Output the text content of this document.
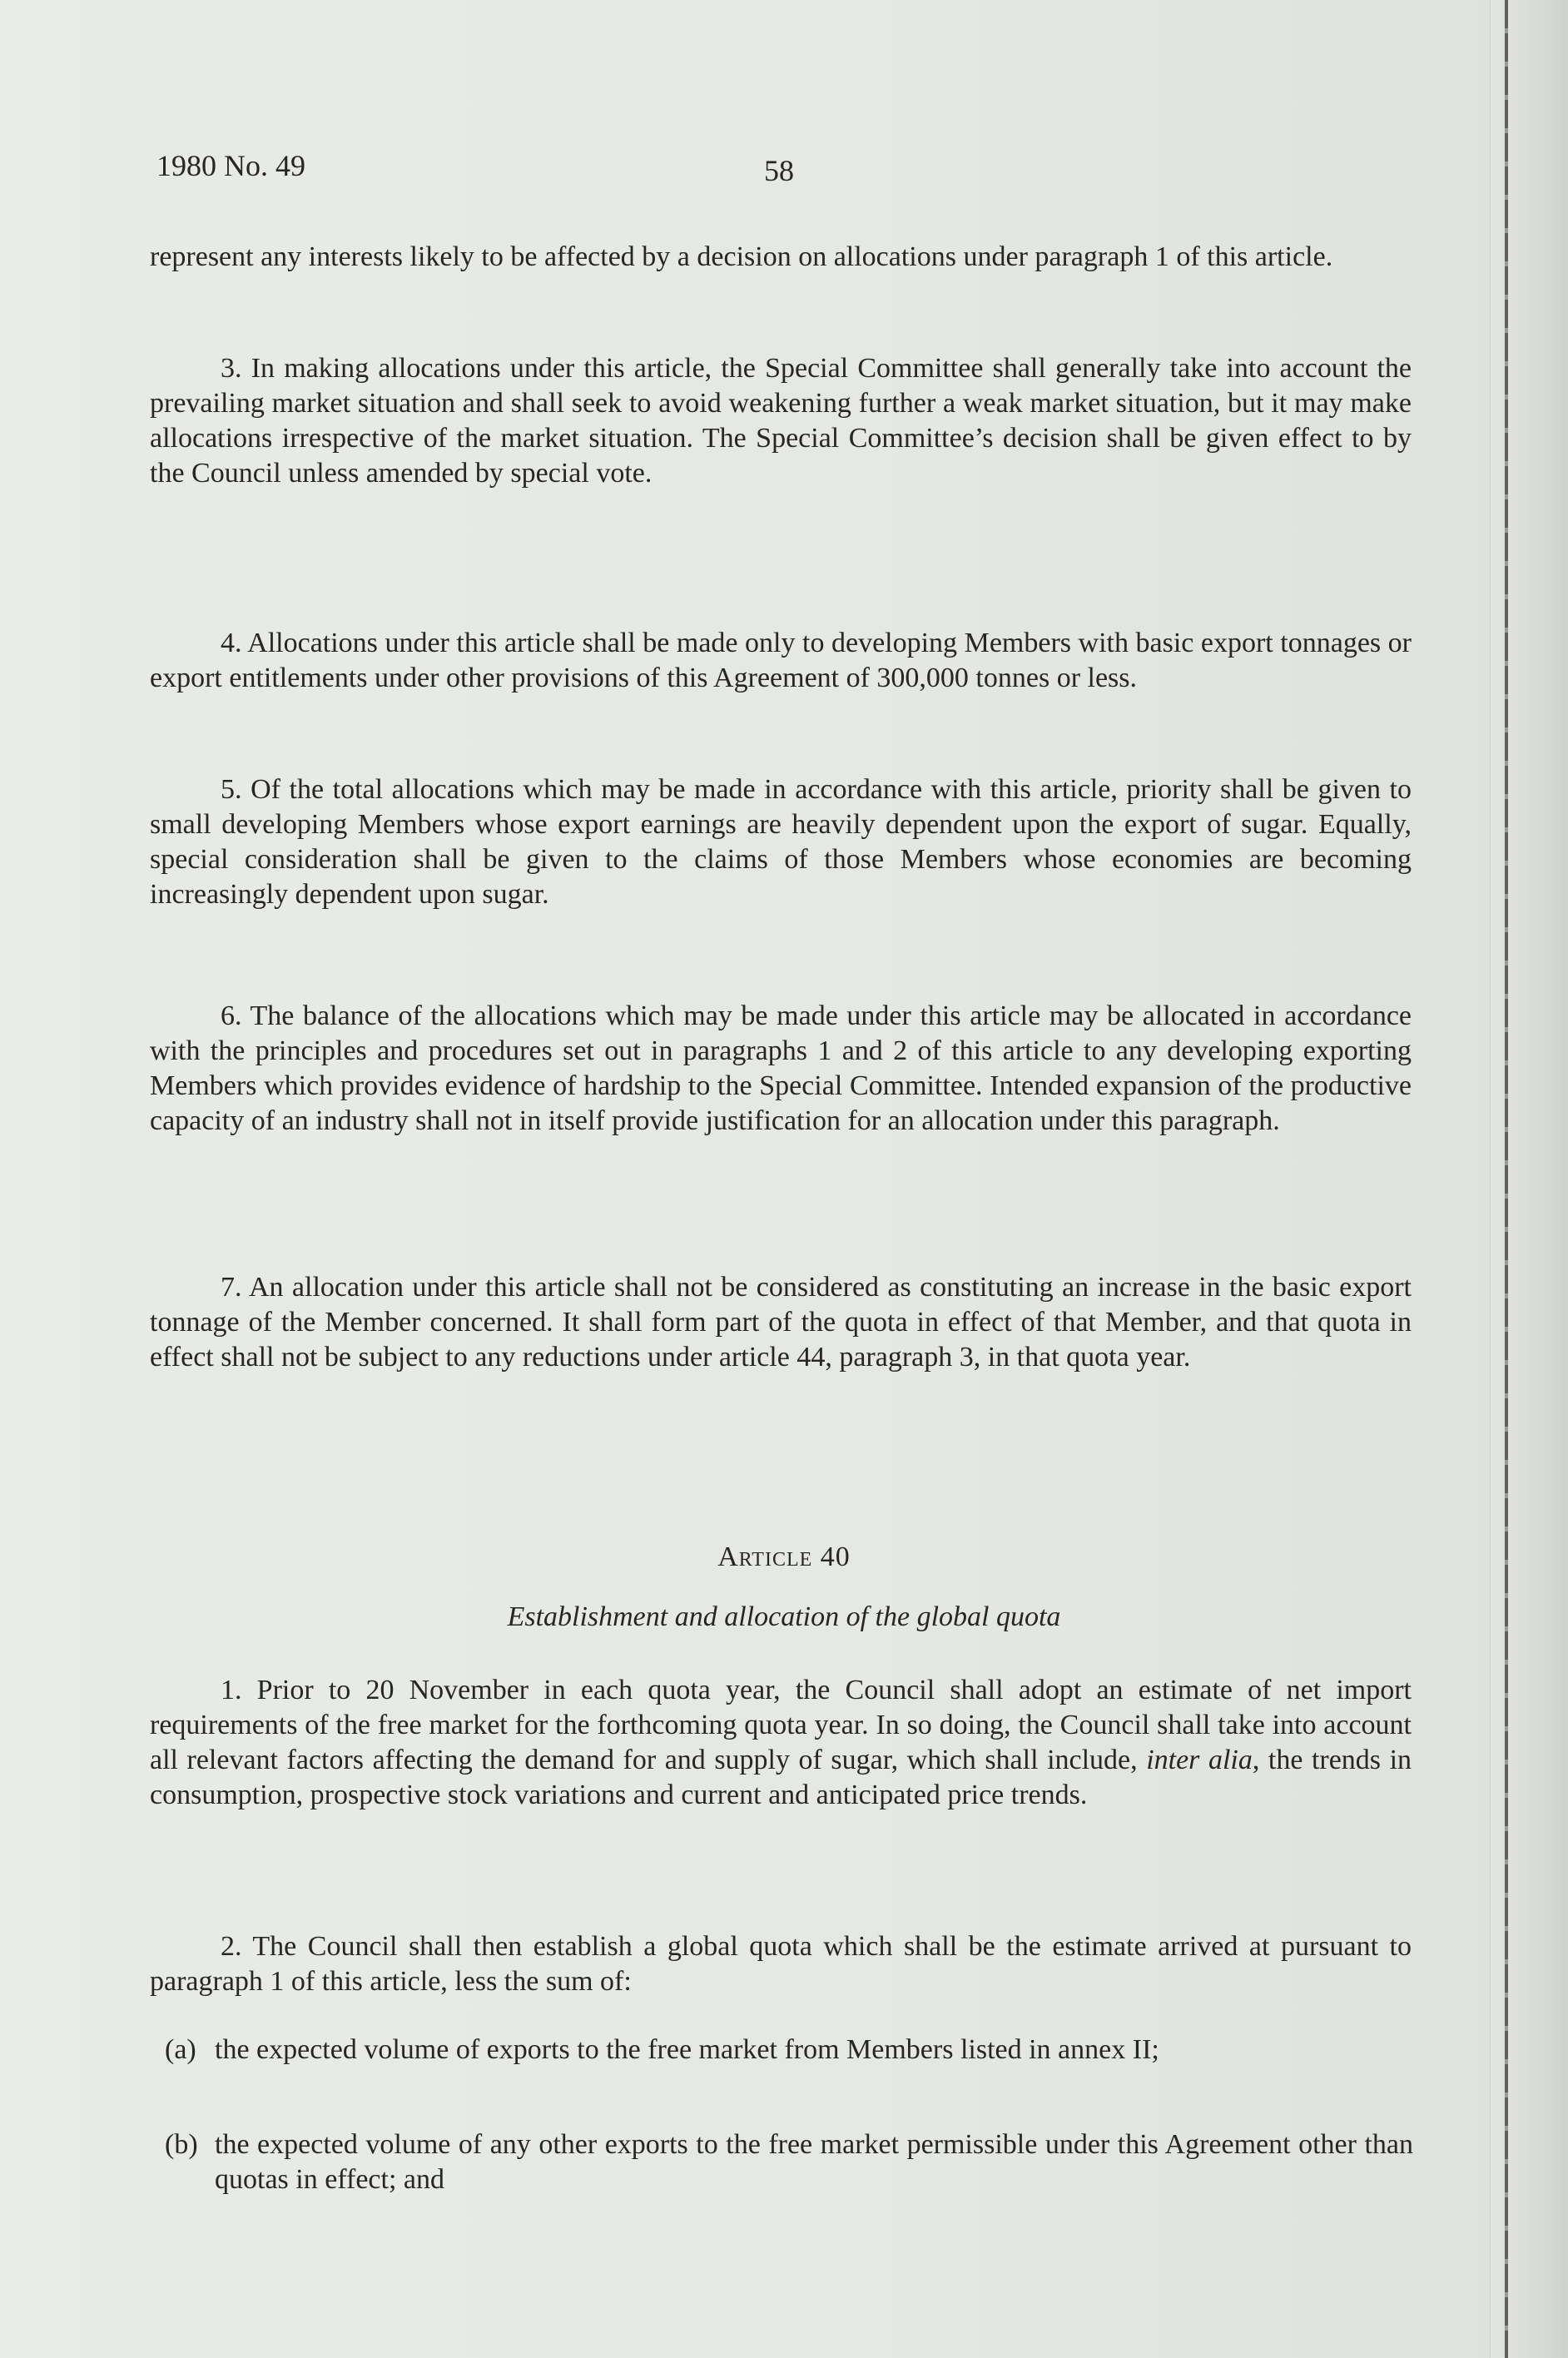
1980 No. 49	58

represent any interests likely to be affected by a decision on allocations under paragraph 1 of this article.

3. In making allocations under this article, the Special Committee shall generally take into account the prevailing market situation and shall seek to avoid weakening further a weak market situation, but it may make allocations irrespective of the market situation. The Special Committee’s decision shall be given effect to by the Council unless amended by special vote.

4. Allocations under this article shall be made only to developing Members with basic export tonnages or export entitlements under other provisions of this Agreement of 300,000 tonnes or less.

5. Of the total allocations which may be made in accordance with this article, priority shall be given to small developing Members whose export earnings are heavily dependent upon the export of sugar. Equally, special consideration shall be given to the claims of those Members whose economies are becoming increasingly dependent upon sugar.

6. The balance of the allocations which may be made under this article may be allocated in accordance with the principles and procedures set out in paragraphs 1 and 2 of this article to any developing exporting Members which provides evidence of hardship to the Special Committee. Intended expansion of the productive capacity of an industry shall not in itself provide justification for an allocation under this paragraph.

7. An allocation under this article shall not be considered as constituting an increase in the basic export tonnage of the Member concerned. It shall form part of the quota in effect of that Member, and that quota in effect shall not be subject to any reductions under article 44, paragraph 3, in that quota year.

Article 40
Establishment and allocation of the global quota

1. Prior to 20 November in each quota year, the Council shall adopt an estimate of net import requirements of the free market for the forthcoming quota year. In so doing, the Council shall take into account all relevant factors affecting the demand for and supply of sugar, which shall include, inter alia, the trends in consumption, prospective stock variations and current and anticipated price trends.

2. The Council shall then establish a global quota which shall be the estimate arrived at pursuant to paragraph 1 of this article, less the sum of:

(a) the expected volume of exports to the free market from Members listed in annex II;
(b) the expected volume of any other exports to the free market permissible under this Agreement other than quotas in effect; and
